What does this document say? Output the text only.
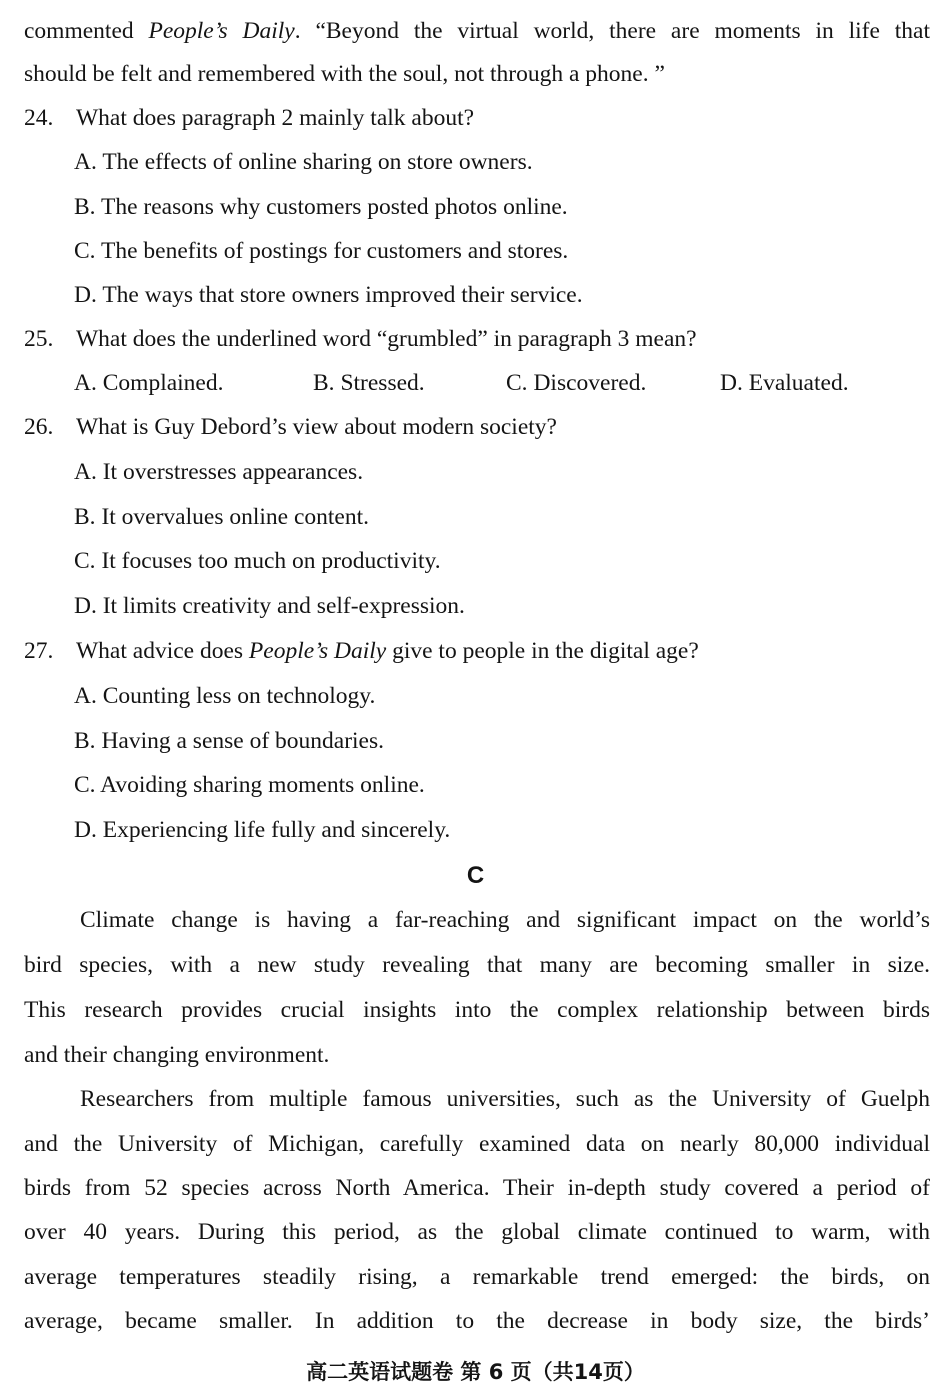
commented People’s Daily. “Beyond the virtual world, there are moments in life that
should be felt and remembered with the soul, not through a phone. ”
24. What does paragraph 2 mainly talk about?
A. The effects of online sharing on store owners.
B. The reasons why customers posted photos online.
C. The benefits of postings for customers and stores.
D. The ways that store owners improved their service.
25. What does the underlined word “grumbled” in paragraph 3 mean?
A. Complained.	B. Stressed.	C. Discovered.	D. Evaluated.
26. What is Guy Debord’s view about modern society?
A. It overstresses appearances.
B. It overvalues online content.
C. It focuses too much on productivity.
D. It limits creativity and self-expression.
27. What advice does People’s Daily give to people in the digital age?
A. Counting less on technology.
B. Having a sense of boundaries.
C. Avoiding sharing moments online.
D. Experiencing life fully and sincerely.
C
Climate change is having a far-reaching and significant impact on the world’s
bird species, with a new study revealing that many are becoming smaller in size.
This research provides crucial insights into the complex relationship between birds
and their changing environment.
Researchers from multiple famous universities, such as the University of Guelph
and the University of Michigan, carefully examined data on nearly 80,000 individual
birds from 52 species across North America. Their in-depth study covered a period of
over 40 years. During this period, as the global climate continued to warm, with
average temperatures steadily rising, a remarkable trend emerged: the birds, on
average, became smaller. In addition to the decrease in body size, the birds’
高二英语试题卷 第 6 页（共14页）
